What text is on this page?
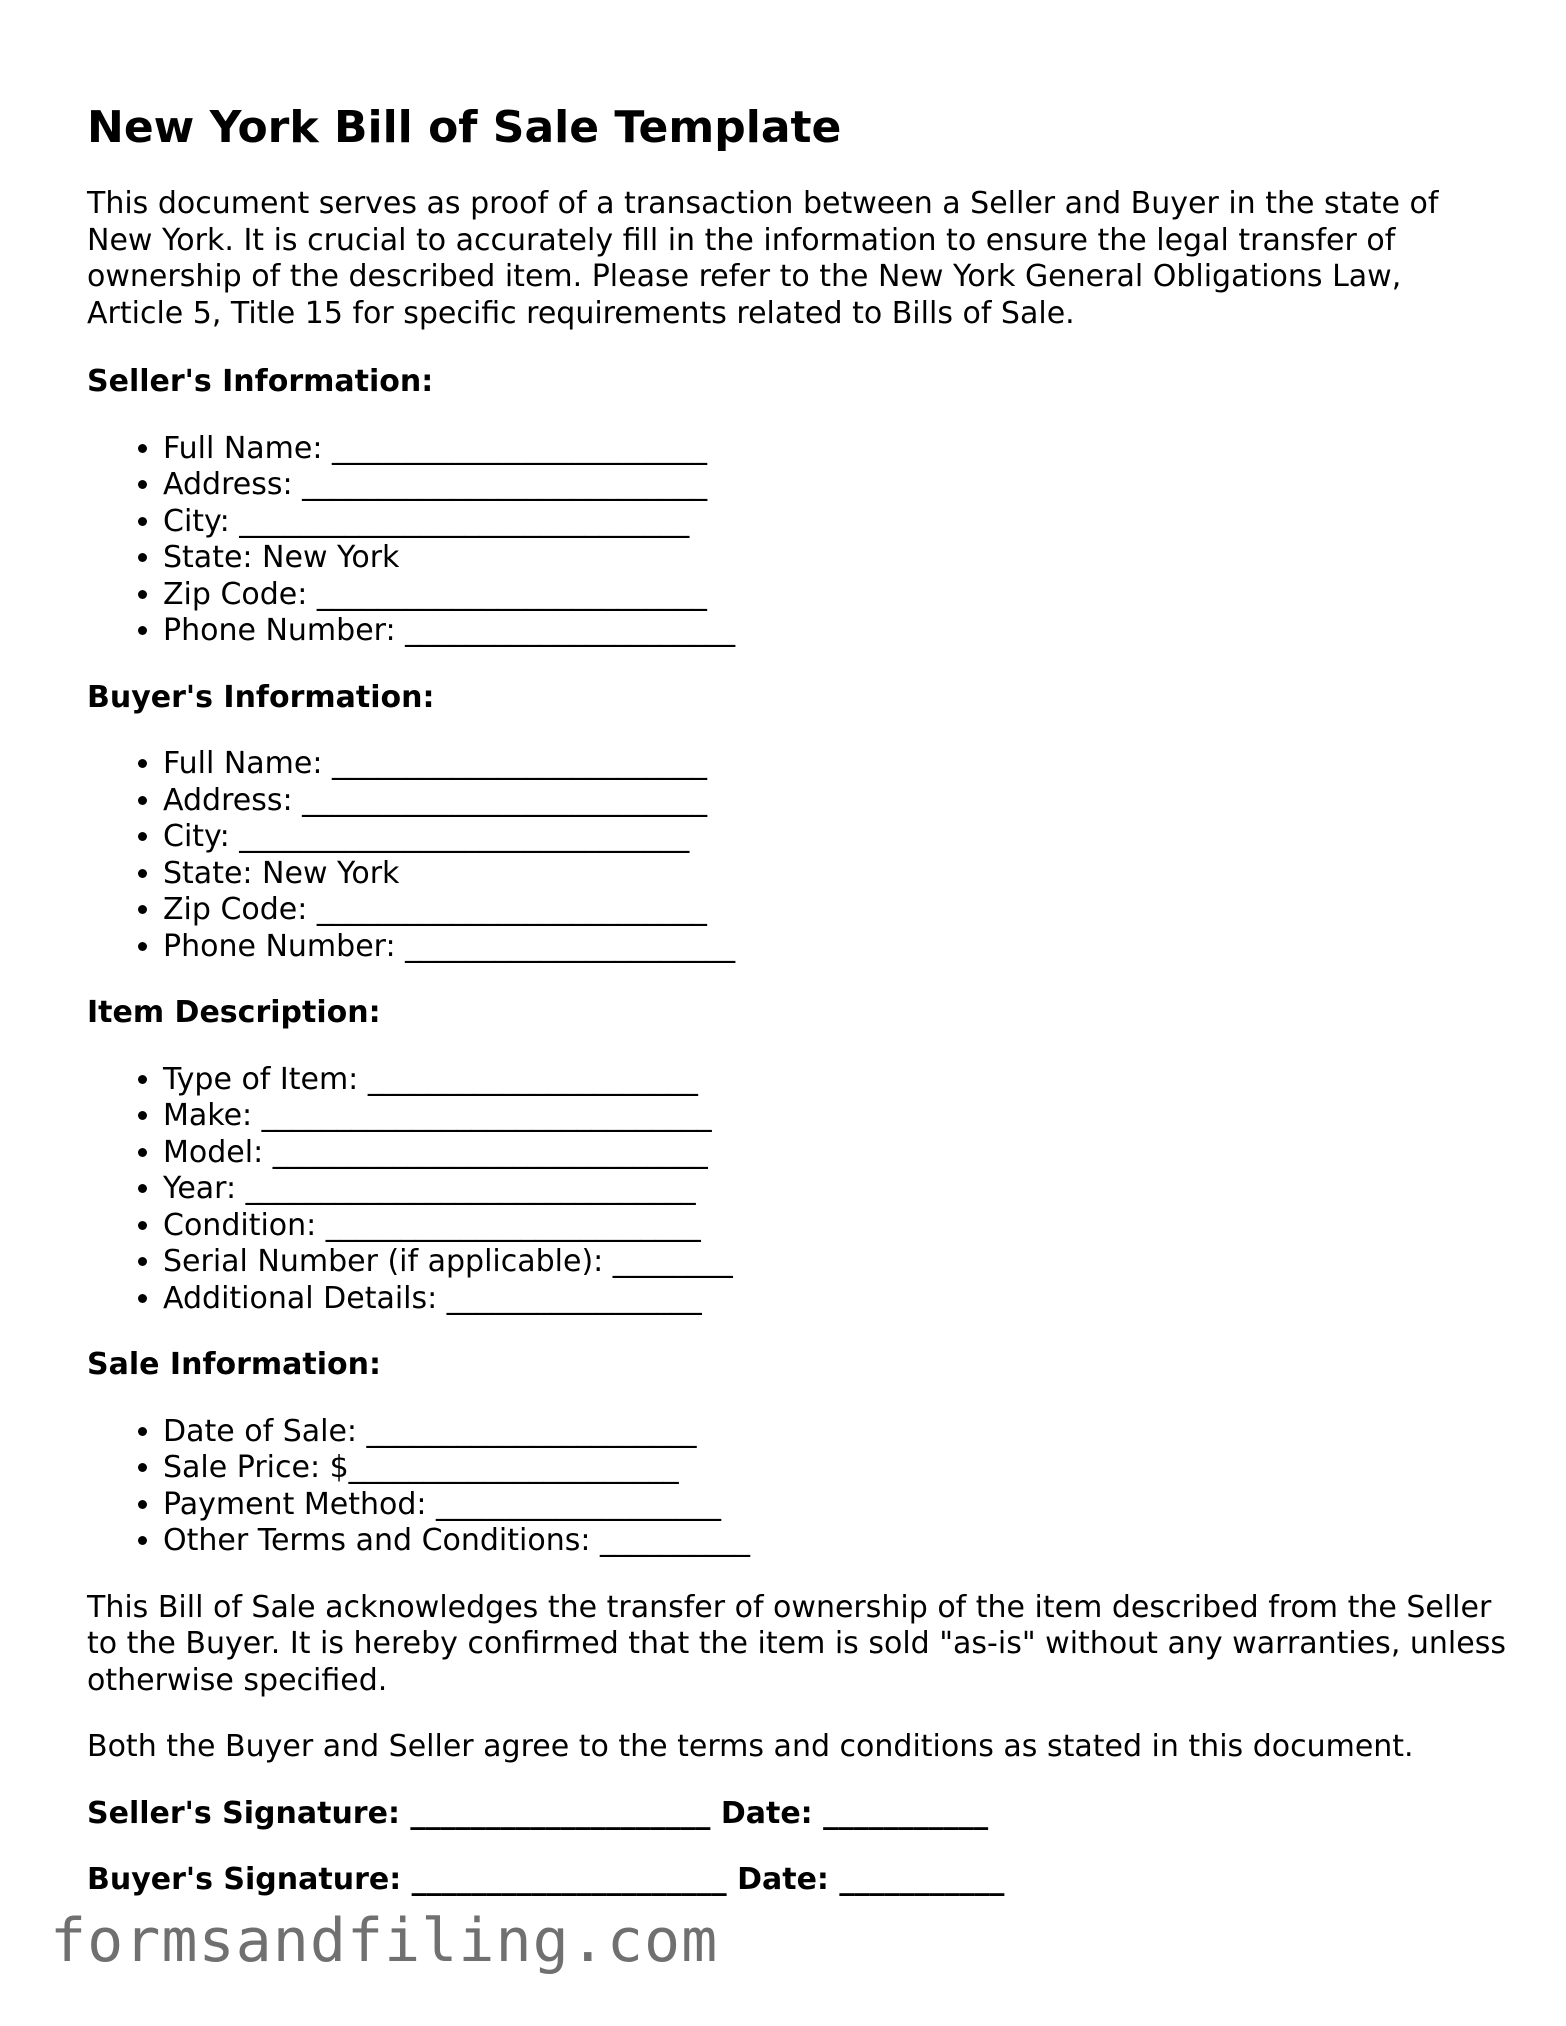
New York Bill of Sale Template

This document serves as proof of a transaction between a Seller and Buyer in the state of New York. It is crucial to accurately fill in the information to ensure the legal transfer of ownership of the described item. Please refer to the New York General Obligations Law, Article 5, Title 15 for specific requirements related to Bills of Sale.

Seller's Information:
• Full Name: _________________________
• Address: ___________________________
• City: ______________________________
• State: New York
• Zip Code: __________________________
• Phone Number: ______________________
Buyer's Information:
• Full Name: _________________________
• Address: ___________________________
• City: ______________________________
• State: New York
• Zip Code: __________________________
• Phone Number: ______________________
Item Description:
• Type of Item: ______________________
• Make: ______________________________
• Model: _____________________________
• Year: ______________________________
• Condition: _________________________
• Serial Number (if applicable): ________
• Additional Details: _________________
Sale Information:
• Date of Sale: ______________________
• Sale Price: $______________________
• Payment Method: ___________________
• Other Terms and Conditions: __________

This Bill of Sale acknowledges the transfer of ownership of the item described from the Seller to the Buyer. It is hereby confirmed that the item is sold "as-is" without any warranties, unless otherwise specified.

Both the Buyer and Seller agree to the terms and conditions as stated in this document.

Seller's Signature: ____________________ Date: ___________
Buyer's Signature: _____________________ Date: ___________
formsandfiling.com
